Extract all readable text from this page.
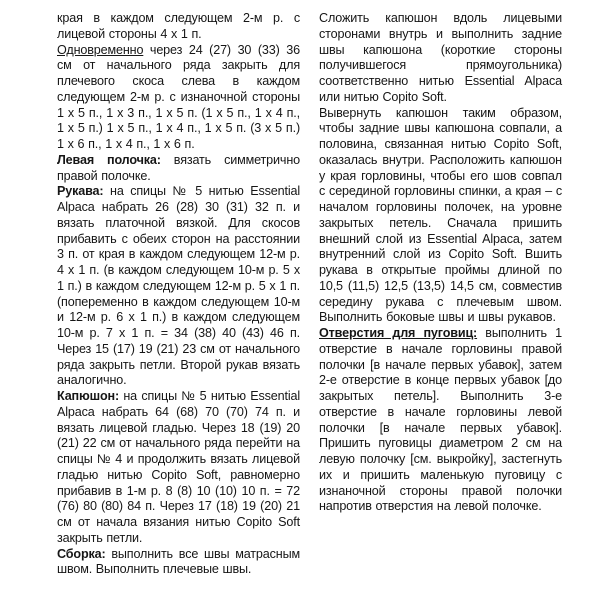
края в каждом следующем 2-м р. с лицевой стороны 4 х 1 п.

Одновременно через 24 (27) 30 (33) 36 см от начального ряда закрыть для плечевого скоса слева в каждом следующем 2-м р. с изнаночной стороны 1 х 5 п., 1 х 3 п., 1 х 5 п. (1 х 5 п., 1 х 4 п., 1 х 5 п.) 1 х 5 п., 1 х 4 п., 1 х 5 п. (3 х 5 п.) 1 х 6 п., 1 х 4 п., 1 х 6 п.

Левая полочка: вязать симметрично правой полочке.

Рукава: на спицы № 5 нитью Essential Alpaca набрать 26 (28) 30 (31) 32 п. и вязать платочной вязкой. Для скосов прибавить с обеих сторон на расстоянии 3 п. от края в каждом следующем 12-м р. 4 х 1 п. (в каждом следующем 10-м р. 5 х 1 п.) в каждом следующем 12-м р. 5 х 1 п. (попеременно в каждом следующем 10-м и 12-м р. 6 х 1 п.) в каждом следующем 10-м р. 7 х 1 п. = 34 (38) 40 (43) 46 п. Через 15 (17) 19 (21) 23 см от начального ряда закрыть петли. Второй рукав вязать аналогично.

Капюшон: на спицы № 5 нитью Essential Alpaca набрать 64 (68) 70 (70) 74 п. и вязать лицевой гладью. Через 18 (19) 20 (21) 22 см от начального ряда перейти на спицы № 4 и продолжить вязать лицевой гладью нитью Copito Soft, равномерно прибавив в 1-м р. 8 (8) 10 (10) 10 п. = 72 (76) 80 (80) 84 п. Через 17 (18) 19 (20) 21 см от начала вязания нитью Copito Soft закрыть петли.

Сборка: выполнить все швы матрасным швом. Выполнить плечевые швы.

Сложить капюшон вдоль лицевыми сторонами внутрь и выполнить задние швы капюшона (короткие стороны получившегося прямоугольника) соответственно нитью Essential Alpaca или нитью Copito Soft.

Вывернуть капюшон таким образом, чтобы задние швы капюшона совпали, а половина, связанная нитью Copito Soft, оказалась внутри. Расположить капюшон у края горловины, чтобы его шов совпал с серединой горловины спинки, а края – с началом горловины полочек, на уровне закрытых петель. Сначала пришить внешний слой из Essential Alpaca, затем внутренний слой из Copito Soft. Вшить рукава в открытые проймы длиной по 10,5 (11,5) 12,5 (13,5) 14,5 см, совместив середину рукава с плечевым швом. Выполнить боковые швы и швы рукавов.

Отверстия для пуговиц: выполнить 1 отверстие в начале горловины правой полочки [в начале первых убавок], затем 2-е отверстие в конце первых убавок [до закрытых петель]. Выполнить 3-е отверстие в начале горловины левой полочки [в начале первых убавок]. Пришить пуговицы диаметром 2 см на левую полочку [см. выкройку], застегнуть их и пришить маленькую пуговицу с изнаночной стороны правой полочки напротив отверстия на левой полочке.
